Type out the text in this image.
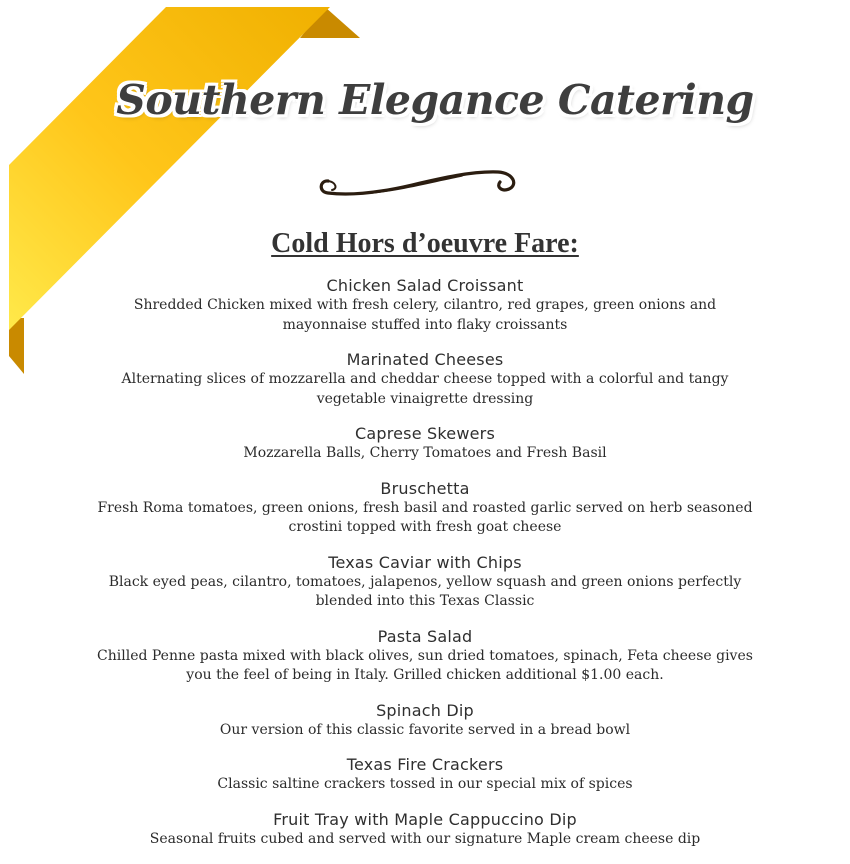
Southern Elegance Catering
Cold Hors d’oeuvre Fare:
Chicken Salad Croissant
Shredded Chicken mixed with fresh celery, cilantro, red grapes, green onions and
mayonnaise stuffed into flaky croissants
Marinated Cheeses
Alternating slices of mozzarella and cheddar cheese topped with a colorful and tangy
vegetable vinaigrette dressing
Caprese Skewers
Mozzarella Balls, Cherry Tomatoes and Fresh Basil
Bruschetta
Fresh Roma tomatoes, green onions, fresh basil and roasted garlic served on herb seasoned
crostini topped with fresh goat cheese
Texas Caviar with Chips
Black eyed peas, cilantro, tomatoes, jalapenos, yellow squash and green onions perfectly
blended into this Texas Classic
Pasta Salad
Chilled Penne pasta mixed with black olives, sun dried tomatoes, spinach, Feta cheese gives
you the feel of being in Italy. Grilled chicken additional $1.00 each.
Spinach Dip
Our version of this classic favorite served in a bread bowl
Texas Fire Crackers
Classic saltine crackers tossed in our special mix of spices
Fruit Tray with Maple Cappuccino Dip
Seasonal fruits cubed and served with our signature Maple cream cheese dip
